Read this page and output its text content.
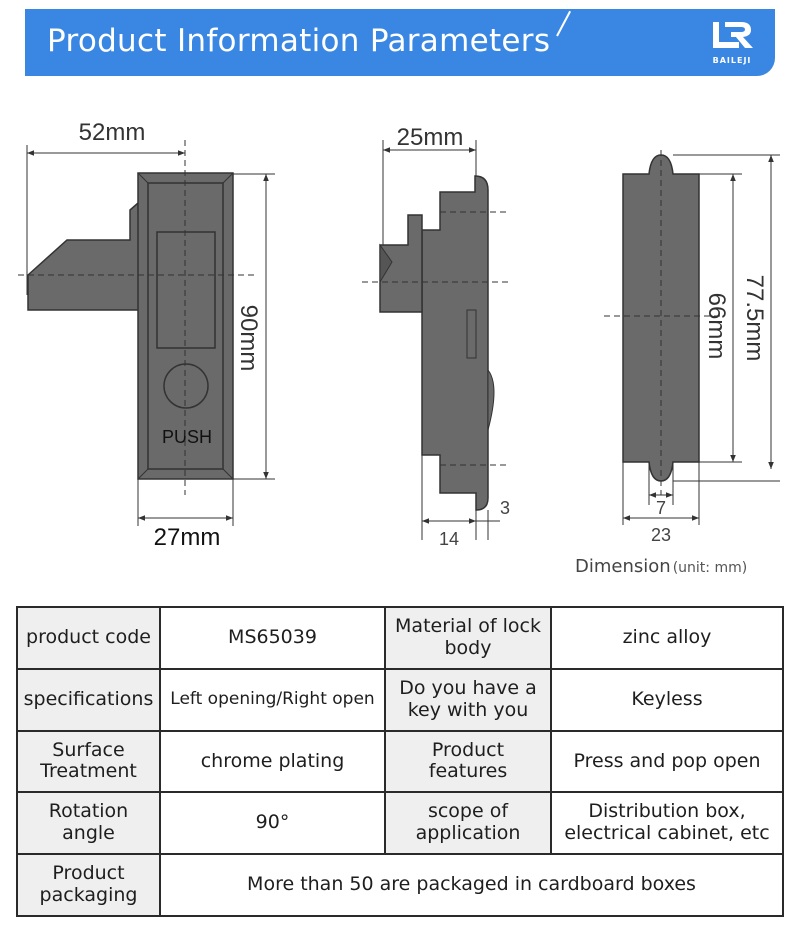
Product Information Parameters
BAILEJI
PUSH
52mm
90mm
27mm
25mm
14
3
77.5mm
66mm
7
23
Dimension (unit: mm)
product code	MS65039	Material of lock body	zinc alloy
specifications	Left opening/Right open	Do you have a key with you	Keyless
Surface Treatment	chrome plating	Product features	Press and pop open
Rotation angle	90°	scope of application	Distribution box, electrical cabinet, etc
Product packaging	More than 50 are packaged in cardboard boxes		
